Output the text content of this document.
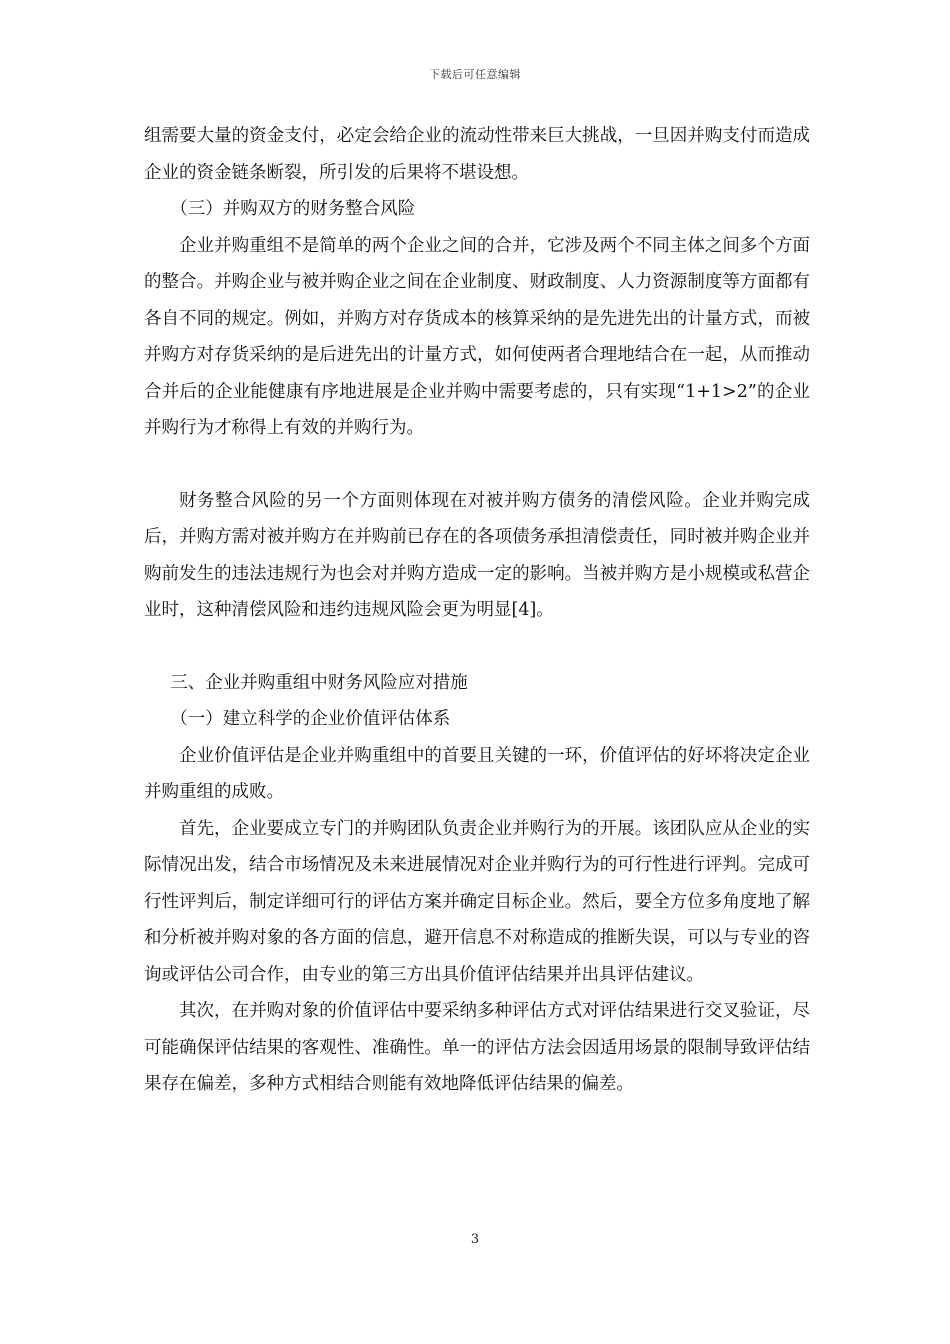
下载后可任意编辑

组需要大量的资金支付，必定会给企业的流动性带来巨大挑战，一旦因并购支付而造成企业的资金链条断裂，所引发的后果将不堪设想。

（三）并购双方的财务整合风险

企业并购重组不是简单的两个企业之间的合并，它涉及两个不同主体之间多个方面的整合。并购企业与被并购企业之间在企业制度、财政制度、人力资源制度等方面都有各自不同的规定。例如，并购方对存货成本的核算采纳的是先进先出的计量方式，而被并购方对存货采纳的是后进先出的计量方式，如何使两者合理地结合在一起，从而推动合并后的企业能健康有序地进展是企业并购中需要考虑的，只有实现“1+1>2”的企业并购行为才称得上有效的并购行为。

财务整合风险的另一个方面则体现在对被并购方债务的清偿风险。企业并购完成后，并购方需对被并购方在并购前已存在的各项债务承担清偿责任，同时被并购企业并购前发生的违法违规行为也会对并购方造成一定的影响。当被并购方是小规模或私营企业时，这种清偿风险和违约违规风险会更为明显[4]。

三、企业并购重组中财务风险应对措施

（一）建立科学的企业价值评估体系

企业价值评估是企业并购重组中的首要且关键的一环，价值评估的好坏将决定企业并购重组的成败。

首先，企业要成立专门的并购团队负责企业并购行为的开展。该团队应从企业的实际情况出发，结合市场情况及未来进展情况对企业并购行为的可行性进行评判。完成可行性评判后，制定详细可行的评估方案并确定目标企业。然后，要全方位多角度地了解和分析被并购对象的各方面的信息，避开信息不对称造成的推断失误，可以与专业的咨询或评估公司合作，由专业的第三方出具价值评估结果并出具评估建议。

其次，在并购对象的价值评估中要采纳多种评估方式对评估结果进行交叉验证，尽可能确保评估结果的客观性、准确性。单一的评估方法会因适用场景的限制导致评估结果存在偏差，多种方式相结合则能有效地降低评估结果的偏差。

3
